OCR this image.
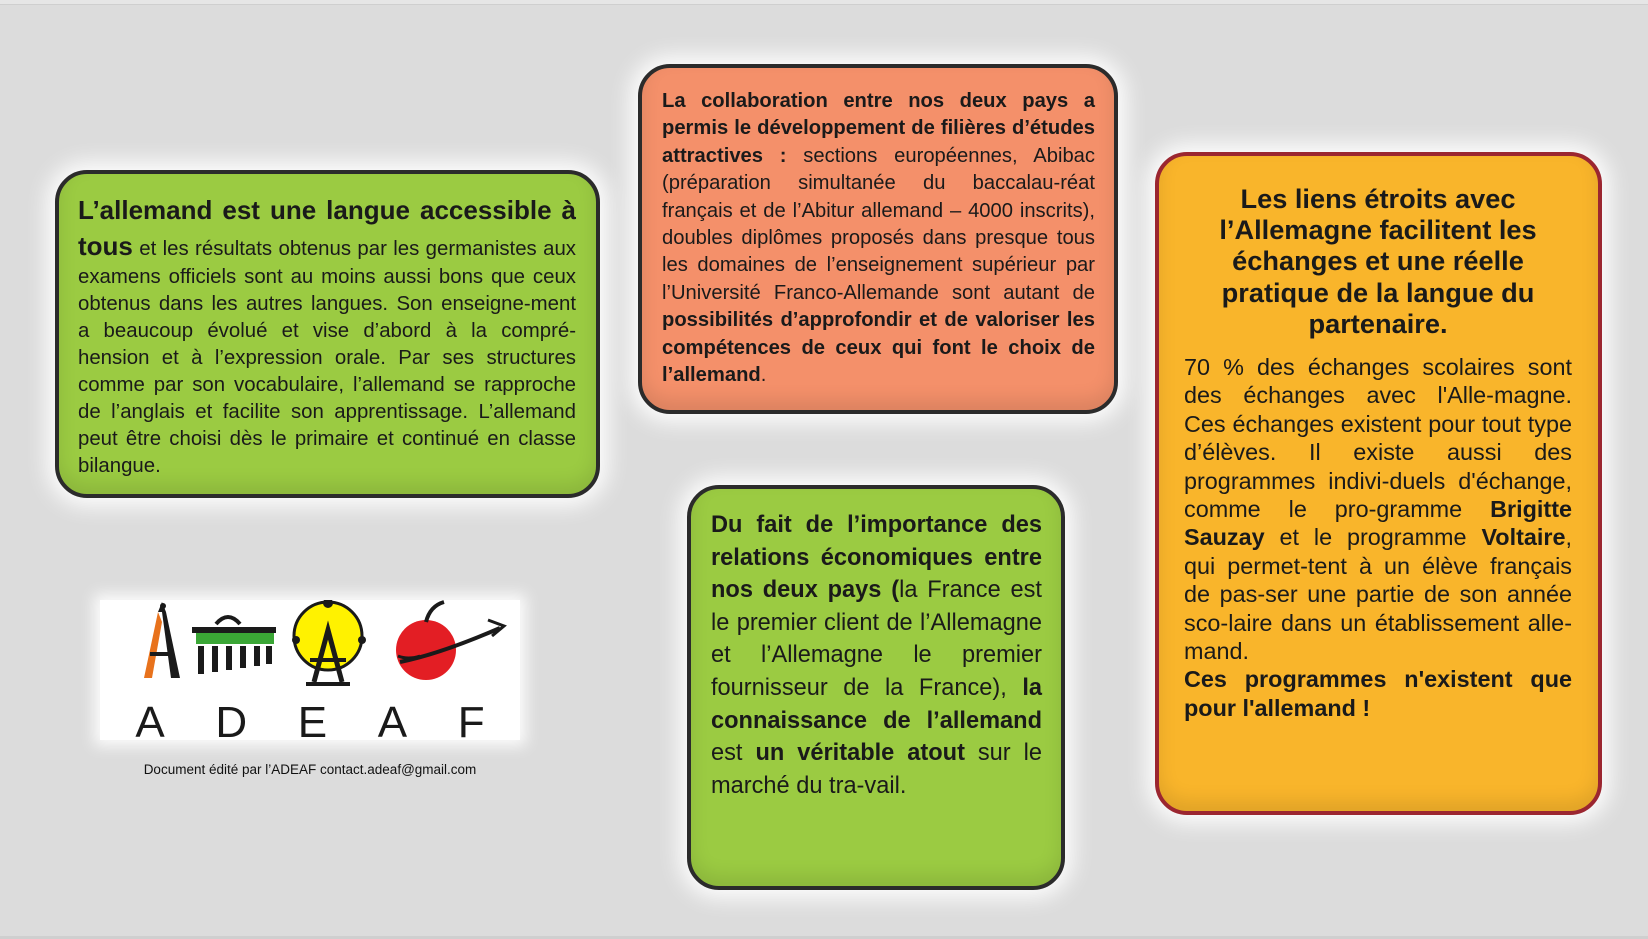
L’allemand est une langue accessible à tous et les résultats obtenus par les germanistes aux examens officiels sont au moins aussi bons que ceux obtenus dans les autres langues. Son enseigne-ment a beaucoup évolué et vise d’abord à la compré-hension et à l’expression orale. Par ses structures comme par son vocabulaire, l’allemand se rapproche de l’anglais et facilite son apprentissage. L’allemand peut être choisi dès le primaire et continué en classe bilangue.
La collaboration entre nos deux pays a permis le développement de filières d’études attractives : sections européennes, Abibac (préparation simultanée du baccalau-réat français et de l’Abitur allemand – 4000 inscrits), doubles diplômes proposés dans presque tous les domaines de l’enseignement supérieur par l’Université Franco-Allemande sont autant de possibilités d’approfondir et de valoriser les compétences de ceux qui font le choix de l’allemand.
Du fait de l’importance des relations économiques entre nos deux pays (la France est le premier client de l’Allemagne et l’Allemagne le premier fournisseur de la France), la connaissance de l’allemand est un véritable atout sur le marché du tra-vail.
Les liens étroits avec l’Allemagne facilitent les échanges et une réelle pratique de la langue du partenaire.
70 % des échanges scolaires sont des échanges avec l'Alle-magne. Ces échanges existent pour tout type d’élèves. Il existe aussi des programmes indivi-duels d'échange, comme le pro-gramme Brigitte Sauzay et le programme Voltaire, qui permet-tent à un élève français de pas-ser une partie de son année sco-laire dans un établissement alle-mand.
Ces programmes n'existent que pour l'allemand !
A D E A F
Document édité par l’ADEAF contact.adeaf@gmail.com
